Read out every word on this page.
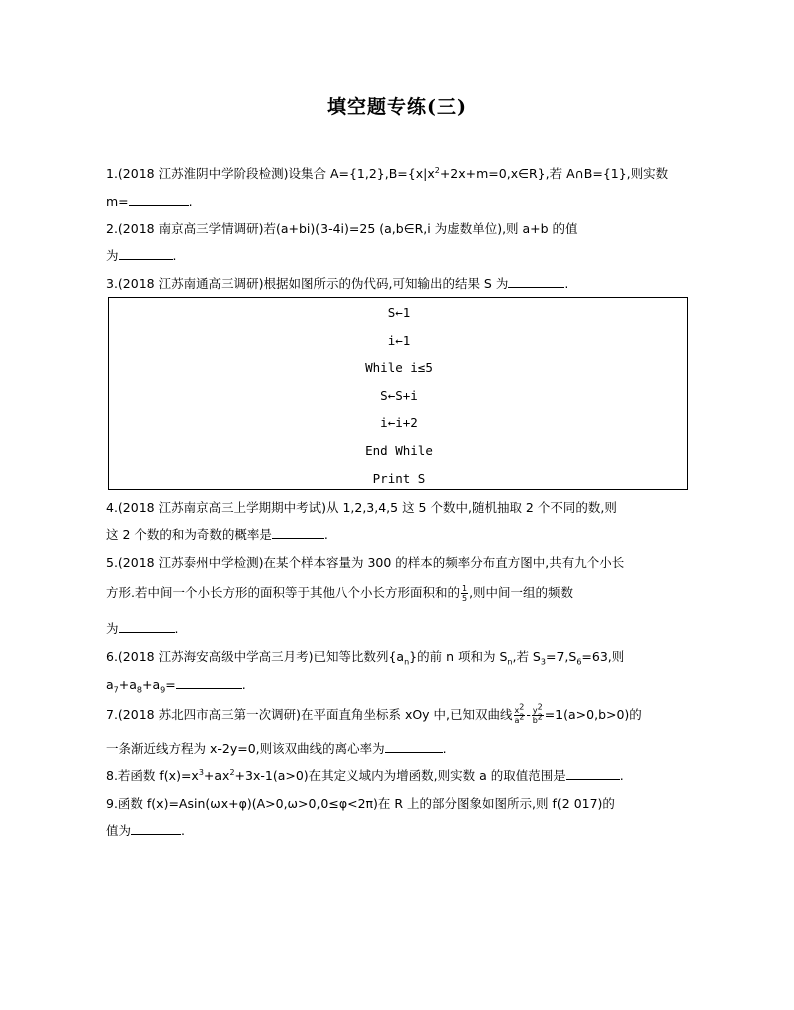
填空题专练(三)
1.(2018 江苏淮阴中学阶段检测)设集合 $A=\{1,2\},B=\{x|x^2+2x+m=0,x\in R\}$,若 A∩B={1},则实数
m=	.
2.(2018 南京高三学情调研)若(a+bi)(3-4i)=25 (a,b∈R,i 为虚数单位),则 a+b 的值
为	.
3.(2018 江苏南通高三调研)根据如图所示的伪代码,可知输出的结果 S 为	.
S←1
i←1
While i≤5
S←S+i
i←i+2
End While
Print S
4.(2018 江苏南京高三上学期期中考试)从 1,2,3,4,5 这 5 个数中,随机抽取 2 个不同的数,则
这 2 个数的和为奇数的概率是	.
5.(2018 江苏泰州中学检测)在某个样本容量为 300 的样本的频率分布直方图中,共有九个小长
方形.若中间一个小长方形的面积等于其他八个小长方形面积和的 $\frac{1}{5}$ ,则中间一组的频数
为	.
6.(2018 江苏海安高级中学高三月考)已知等比数列$\{a_n\}$的前 n 项和为 $S_n$,若 $S_3=7,S_6=63$,则
$a_7+a_8+a_9=$	.
7.(2018 苏北四市高三第一次调研)在平面直角坐标系 xOy 中,已知双曲线 $\frac{x^2}{a^2} - \frac{y^2}{b^2} =1(a>0,b>0)$的
一条渐近线方程为 x-2y=0,则该双曲线的离心率为	.
8.若函数 $f(x)=x^3+ax^2+3x-1(a>0)$在其定义域内为增函数,则实数 a 的取值范围是	.
9.函数 f(x)=Asin(ωx+φ)(A>0,ω>0,0≤φ<2π)在 R 上的部分图象如图所示,则 f(2 017)的
值为	.
